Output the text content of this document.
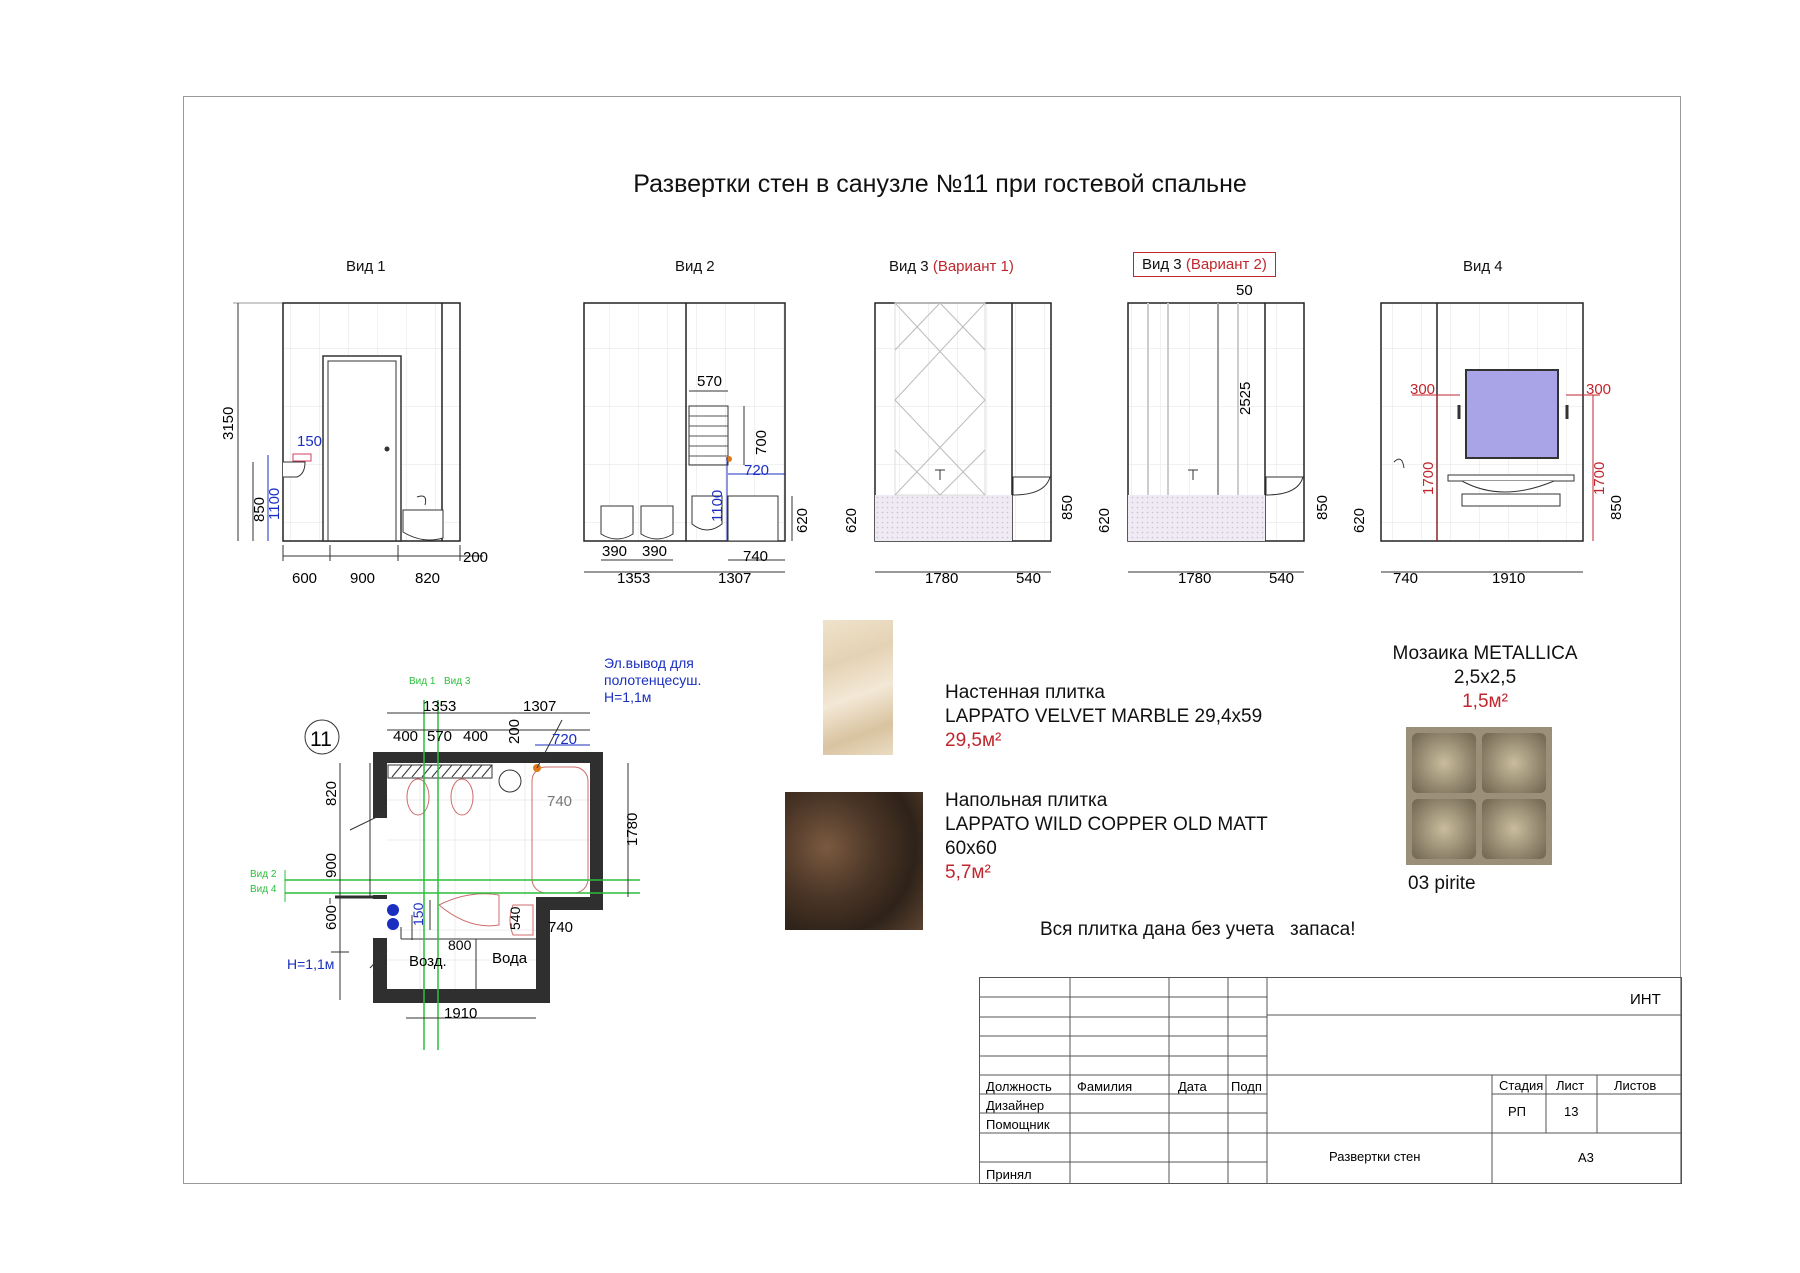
Развертки стен в санузле №11 при гостевой спальне
Вид 1	Вид 2	Вид 3 (Вариант 1)	Вид 3 (Вариант 2)	Вид 4
3150
150
1100
850
600 900	820
200
570
700
720
1100	620
390 390	740
1353	1307
620
850
1780	540
50
2525
620
850
1780	540
300	300
1700	1700
620
850
740	1910
11
Вид 1 Вид 3
Вид 2
Вид 4
Эл.вывод для
полотенцесуш.
H=1,1м
1353	1307
400 570 400 200 720
740
820
900
600
1780
150	540 740
800
Возд.	Вода
H=1,1м
1910
Настенная плитка
LAPPATO VELVET MARBLE 29,4x59
29,5м²
Напольная плитка
LAPPATO WILD COPPER OLD MATT
60x60
5,7м²
Мозаика METALLICA
2,5x2,5
1,5м²
03 pirite
Вся плитка дана без учета   запаса!
ИНТ
Должность Фамилия	Дата Подп
Дизайнер
Помощник
Принял
Стадия Лист Листов
РП	13
Развертки стен	А3
